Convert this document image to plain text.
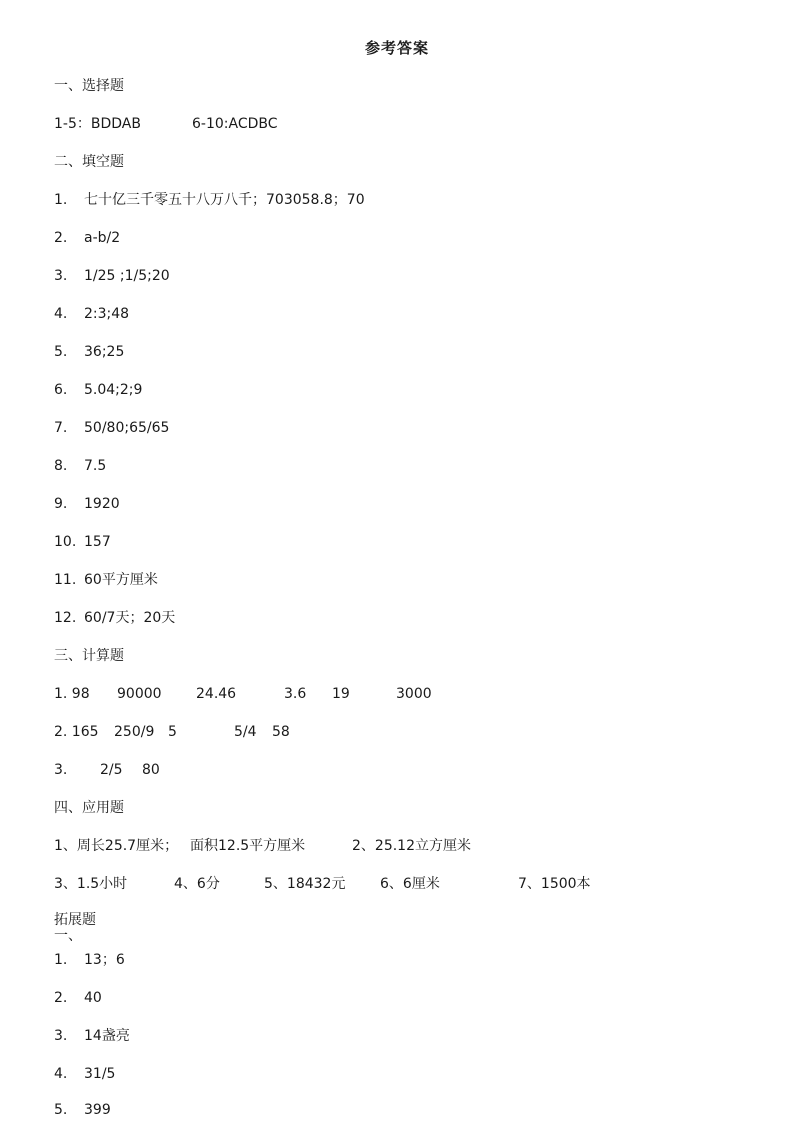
参考答案
一、选择题
1-5：BDDAB	6-10:ACDBC
二、填空题
1. 七十亿三千零五十八万八千；703058.8；70
2. a-b/2
3. 1/25 ;1/5;20
4. 2:3;48
5. 36;25
6. 5.04;2;9
7. 50/80;65/65
8. 7.5
9. 1920
10. 157
11. 60平方厘米
12. 60/7天；20天
三、计算题
1. 98 90000 24.46	3.6 19	3000
2. 165 250/9 5	5/4 58
3. 2/5 80
四、应用题
1、周长25.7厘米； 面积12.5平方厘米	2、25.12立方厘米
3、1.5小时	4、6分	5、18432元 6、6厘米	7、1500本
拓展题
一、
1. 13；6
2. 40
3. 14盏亮
4. 31/5
5. 399
